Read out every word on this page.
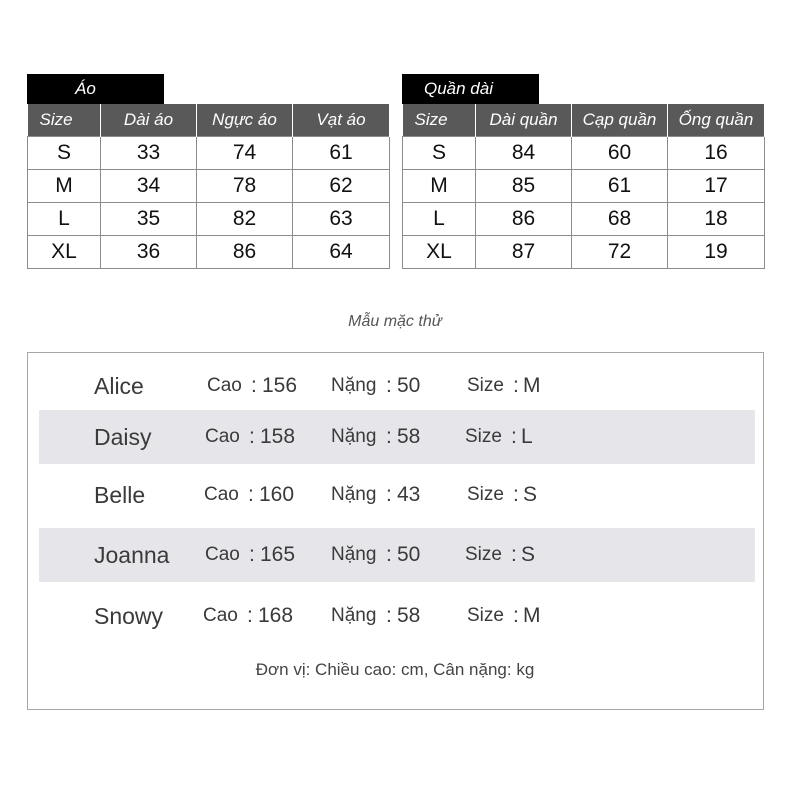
Áo
Size	Dài áo	Ngực áo	Vạt áo
S	33	74	61
M	34	78	62
L	35	82	63
XL	36	86	64
Quần dài
Size	Dài quần	Cạp quần	Ống quần
S	84	60	16
M	85	61	17
L	86	68	18
XL	87	72	19
Mẫu mặc thử
Alice	Cao : 156 Nặng : 50 Size : M
Daisy	Cao : 158 Nặng : 58 Size : L
Belle	Cao : 160 Nặng : 43 Size : S
Joanna Cao : 165 Nặng : 50 Size : S
Snowy Cao : 168 Nặng : 58 Size : M
Đơn vị: Chiều cao: cm, Cân nặng: kg
